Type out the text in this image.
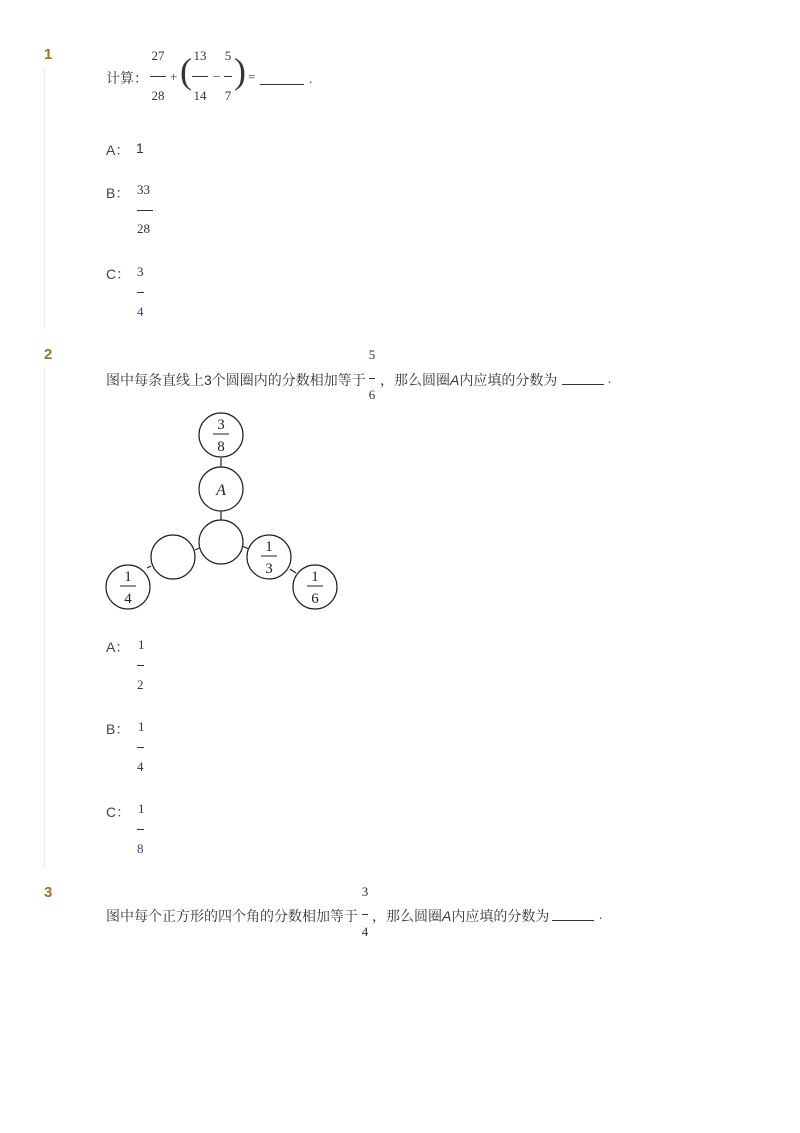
1
计算：
27
28
+ ( 13
14
−
5
7
) =	.
A： 1
B： 33
28
C： 3
4
2
图中每条直线上3个圆圈内的分数相加等于
5
6
，那么圆圈A内应填的分数为	.
3
8
A
1
4
1
3	1
6
A： 1
2
B： 1
4
C： 1
8
3
图中每个正方形的四个角的分数相加等于
3
4
，那么圆圈A内应填的分数为	.
